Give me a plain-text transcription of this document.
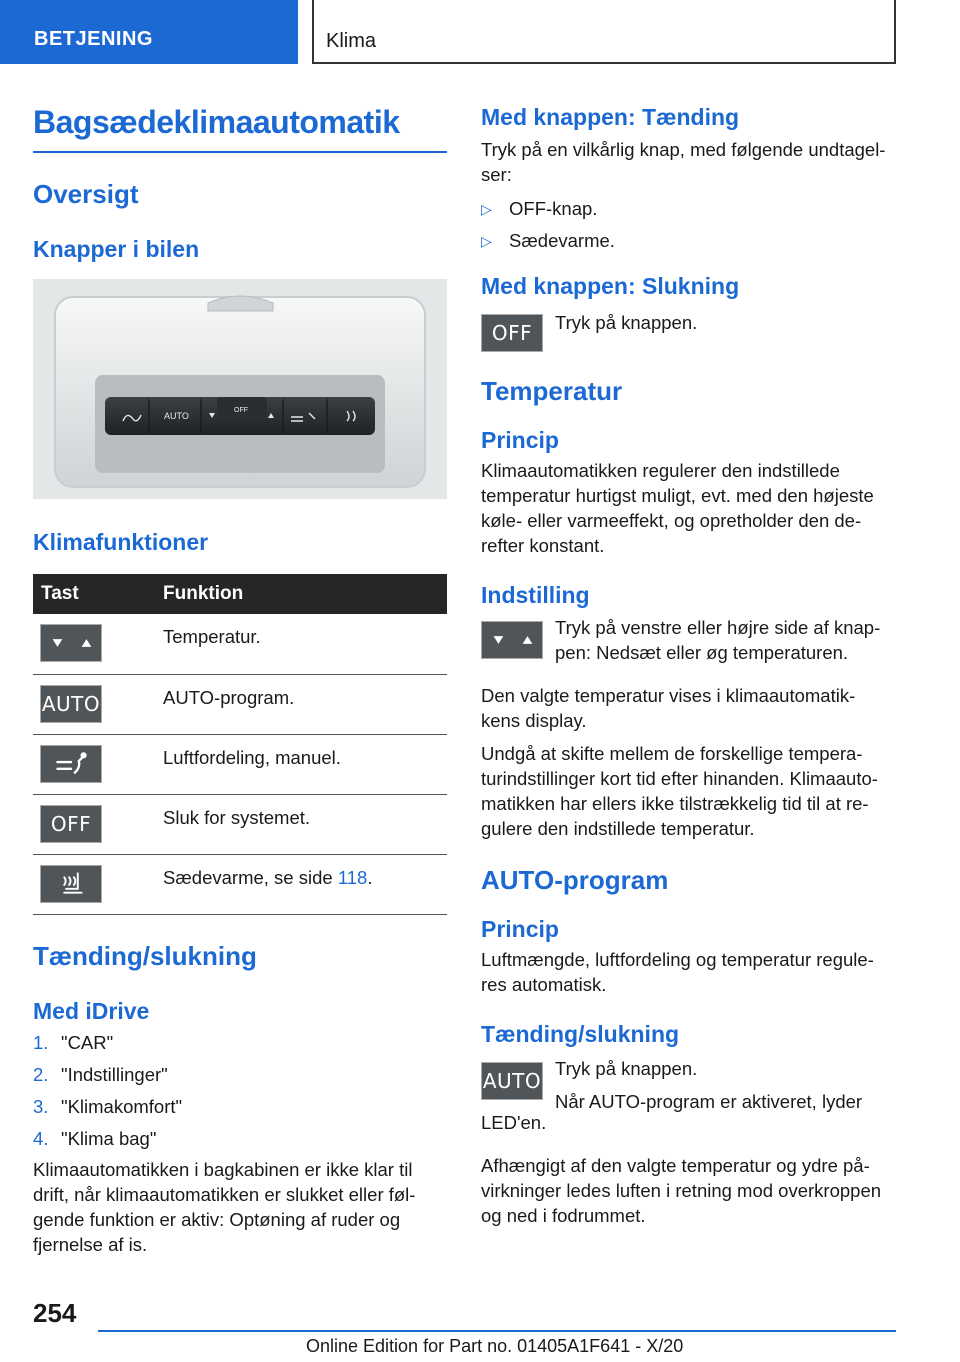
BETJENING	Klima
Bagsædeklimaautomatik
Oversigt
Knapper i bilen
AUTO
OFF
Klimafunktioner
Tast	Funktion

	Temperatur.

AUTO	AUTO-program.

	Luftfordeling, manuel.

OFF	Sluk for systemet.

	Sædevarme, se side 118.
Tænding/slukning
Med iDrive
1. "CAR"
2. "Indstillinger"
3. "Klimakomfort"
4. "Klima bag"
Klimaautomatikken i bagkabinen er ikke klar til
drift, når klimaautomatikken er slukket eller føl-
gende funktion er aktiv: Optøning af ruder og
fjernelse af is.
Med knappen: Tænding
Tryk på en vilkårlig knap, med følgende undtagel-
ser:
▷ OFF-knap.
▷ Sædevarme.
Med knappen: Slukning
OFF Tryk på knappen.
Temperatur
Princip
Klimaautomatikken regulerer den indstillede
temperatur hurtigst muligt, evt. med den højeste
køle- eller varmeeffekt, og opretholder den de-
refter konstant.
Indstilling
Tryk på venstre eller højre side af knap-
pen: Nedsæt eller øg temperaturen.
Den valgte temperatur vises i klimaautomatik-
kens display.
Undgå at skifte mellem de forskellige tempera-
turindstillinger kort tid efter hinanden. Klimaauto-
matikken har ellers ikke tilstrækkelig tid til at re-
gulere den indstillede temperatur.
AUTO-program
Princip
Luftmængde, luftfordeling og temperatur regule-
res automatisk.
Tænding/slukning
AUTO
Tryk på knappen.
Når AUTO-program er aktiveret, lyder
LED'en.
Afhængigt af den valgte temperatur og ydre på-
virkninger ledes luften i retning mod overkroppen
og ned i fodrummet.
254
Online Edition for Part no. 01405A1F641 - X/20
